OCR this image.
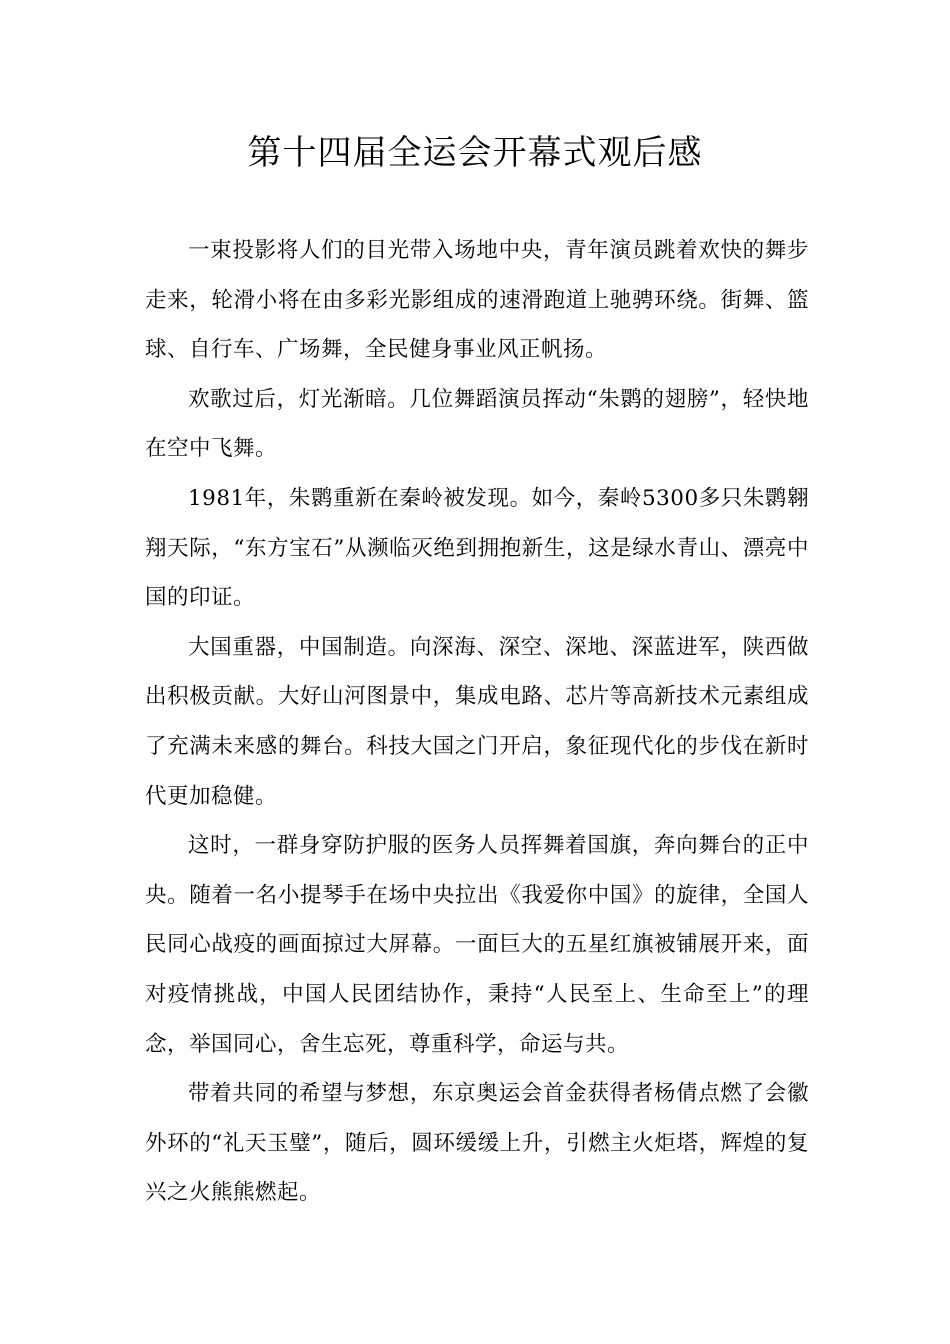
第十四届全运会开幕式观后感

一束投影将人们的目光带入场地中央，青年演员跳着欢快的舞步走来，轮滑小将在由多彩光影组成的速滑跑道上驰骋环绕。街舞、篮球、自行车、广场舞，全民健身事业风正帆扬。

欢歌过后，灯光渐暗。几位舞蹈演员挥动“朱鹮的翅膀”，轻快地在空中飞舞。

1981年，朱鹮重新在秦岭被发现。如今，秦岭5300多只朱鹮翱翔天际，“东方宝石”从濒临灭绝到拥抱新生，这是绿水青山、漂亮中国的印证。

大国重器，中国制造。向深海、深空、深地、深蓝进军，陕西做出积极贡献。大好山河图景中，集成电路、芯片等高新技术元素组成了充满未来感的舞台。科技大国之门开启，象征现代化的步伐在新时代更加稳健。

这时，一群身穿防护服的医务人员挥舞着国旗，奔向舞台的正中央。随着一名小提琴手在场中央拉出《我爱你中国》的旋律，全国人民同心战疫的画面掠过大屏幕。一面巨大的五星红旗被铺展开来，面对疫情挑战，中国人民团结协作，秉持“人民至上、生命至上”的理念，举国同心，舍生忘死，尊重科学，命运与共。

带着共同的希望与梦想，东京奥运会首金获得者杨倩点燃了会徽外环的“礼天玉璧”，随后，圆环缓缓上升，引燃主火炬塔，辉煌的复兴之火熊熊燃起。
